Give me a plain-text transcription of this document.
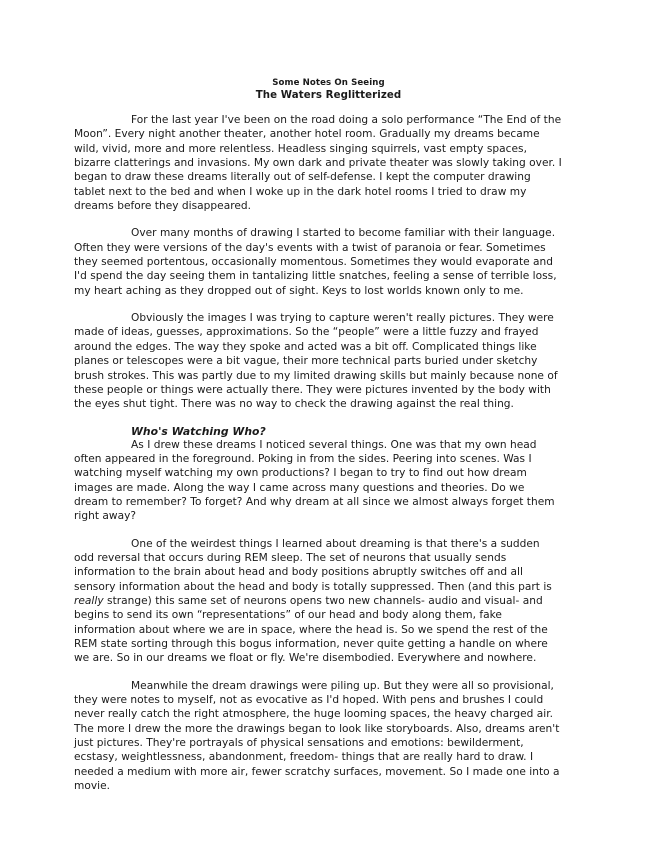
Some Notes On Seeing
The Waters Reglitterized

For the last year I've been on the road doing a solo performance “The End of the Moon”. Every night another theater, another hotel room. Gradually my dreams became wild, vivid, more and more relentless. Headless singing squirrels, vast empty spaces, bizarre clatterings and invasions. My own dark and private theater was slowly taking over. I began to draw these dreams literally out of self-defense. I kept the computer drawing tablet next to the bed and when I woke up in the dark hotel rooms I tried to draw my dreams before they disappeared.

Over many months of drawing I started to become familiar with their language. Often they were versions of the day's events with a twist of paranoia or fear. Sometimes they seemed portentous, occasionally momentous. Sometimes they would evaporate and I'd spend the day seeing them in tantalizing little snatches, feeling a sense of terrible loss, my heart aching as they dropped out of sight. Keys to lost worlds known only to me.

Obviously the images I was trying to capture weren't really pictures. They were made of ideas, guesses, approximations. So the “people” were a little fuzzy and frayed around the edges. The way they spoke and acted was a bit off. Complicated things like planes or telescopes were a bit vague, their more technical parts buried under sketchy brush strokes. This was partly due to my limited drawing skills but mainly because none of these people or things were actually there. They were pictures invented by the body with the eyes shut tight. There was no way to check the drawing against the real thing.

Who's Watching Who?

As I drew these dreams I noticed several things. One was that my own head often appeared in the foreground. Poking in from the sides. Peering into scenes. Was I watching myself watching my own productions? I began to try to find out how dream images are made. Along the way I came across many questions and theories. Do we dream to remember? To forget? And why dream at all since we almost always forget them right away?

One of the weirdest things I learned about dreaming is that there's a sudden odd reversal that occurs during REM sleep. The set of neurons that usually sends information to the brain about head and body positions abruptly switches off and all sensory information about the head and body is totally suppressed. Then (and this part is really strange) this same set of neurons opens two new channels- audio and visual- and begins to send its own “representations” of our head and body along them, fake information about where we are in space, where the head is. So we spend the rest of the REM state sorting through this bogus information, never quite getting a handle on where we are. So in our dreams we float or fly. We're disembodied. Everywhere and nowhere.

Meanwhile the dream drawings were piling up. But they were all so provisional, they were notes to myself, not as evocative as I'd hoped. With pens and brushes I could never really catch the right atmosphere, the huge looming spaces, the heavy charged air. The more I drew the more the drawings began to look like storyboards. Also, dreams aren't just pictures. They're portrayals of physical sensations and emotions: bewilderment, ecstasy, weightlessness, abandonment, freedom- things that are really hard to draw. I needed a medium with more air, fewer scratchy surfaces, movement. So I made one into a movie.
